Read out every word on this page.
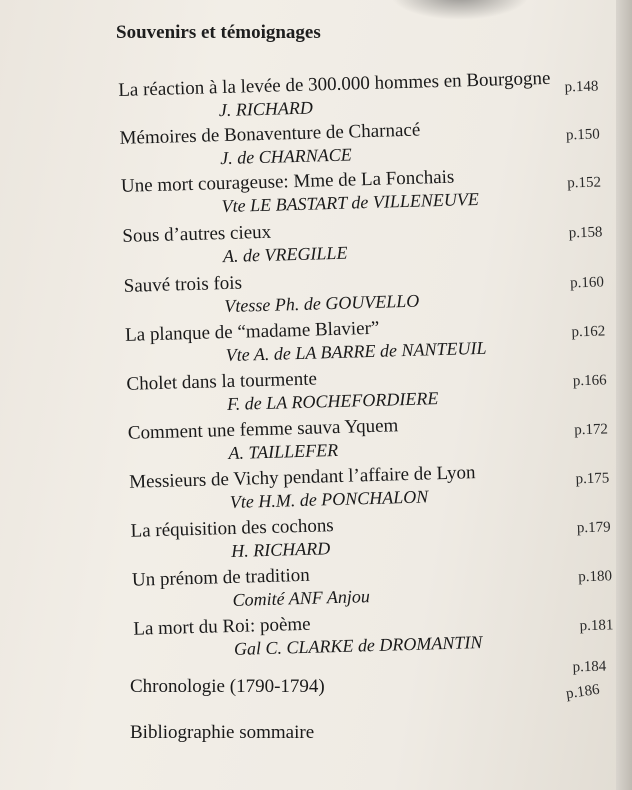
Souvenirs et témoignages
La réaction à la levée de 300.000 hommes en Bourgogne
J. RICHARD
p.148
Mémoires de Bonaventure de Charnacé
J. de CHARNACE
p.150
Une mort courageuse: Mme de La Fonchais
Vte LE BASTART de VILLENEUVE
p.152
Sous d’autres cieux
A. de VREGILLE
p.158
Sauvé trois fois
Vtesse Ph. de GOUVELLO
p.160
La planque de “madame Blavier”
Vte A. de LA BARRE de NANTEUIL
p.162
Cholet dans la tourmente
F. de LA ROCHEFORDIERE
p.166
Comment une femme sauva Yquem
A. TAILLEFER
p.172
Messieurs de Vichy pendant l’affaire de Lyon
Vte H.M. de PONCHALON
p.175
La réquisition des cochons
H. RICHARD
p.179
Un prénom de tradition
Comité ANF Anjou
p.180
La mort du Roi: poème
Gal C. CLARKE de DROMANTIN
p.181
p.184
Chronologie (1790-1794)	p.186
Bibliographie sommaire
